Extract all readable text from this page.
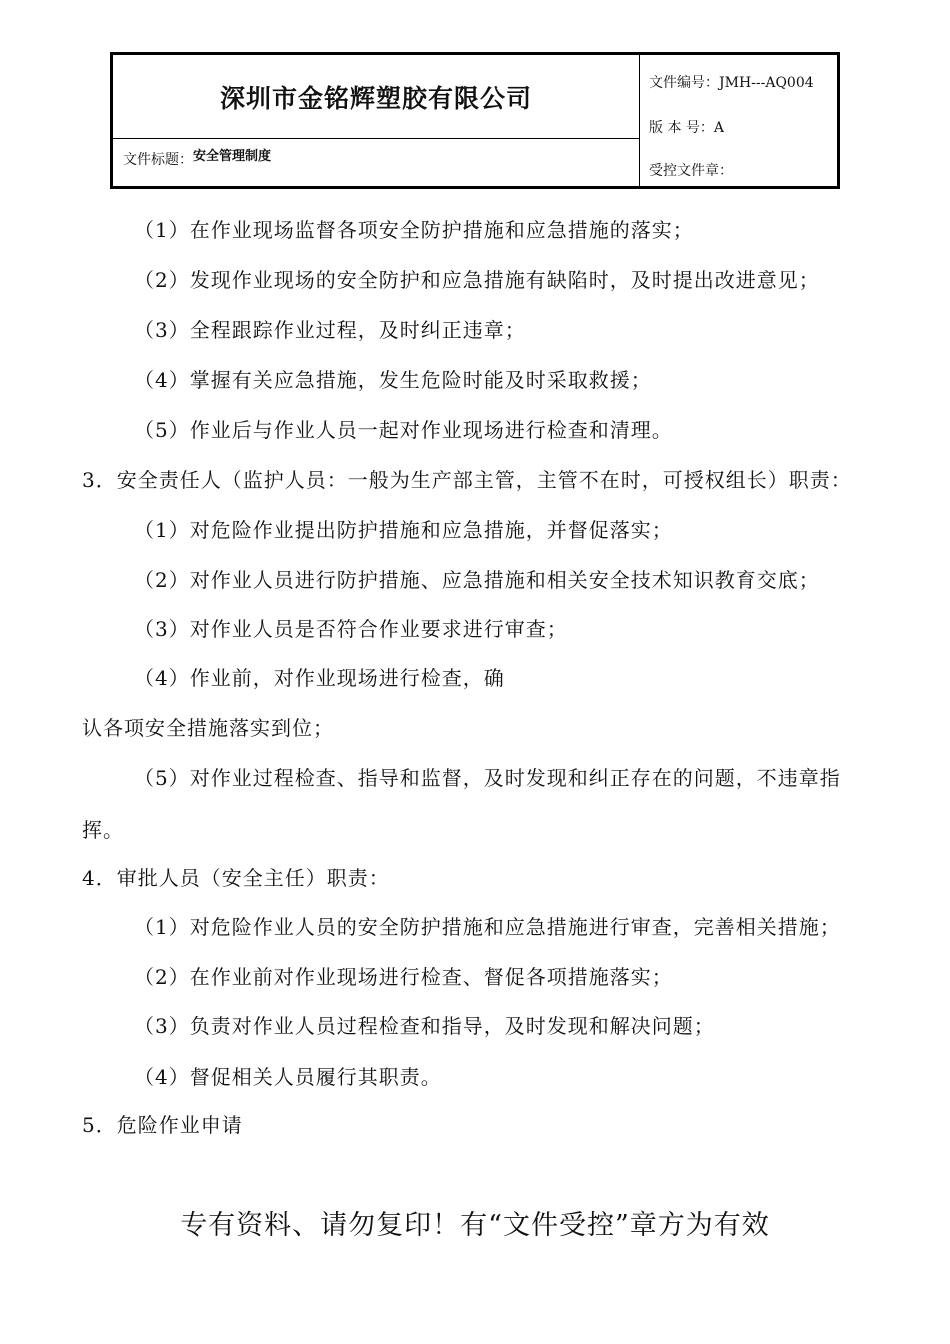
深圳市金铭辉塑胶有限公司
文件标题：安全管理制度
文件编号：JMH---AQ004
版 本 号：A
受控文件章：
（1）在作业现场监督各项安全防护措施和应急措施的落实；
（2）发现作业现场的安全防护和应急措施有缺陷时，及时提出改进意见；
（3）全程跟踪作业过程，及时纠正违章；
（4）掌握有关应急措施，发生危险时能及时采取救援；
（5）作业后与作业人员一起对作业现场进行检查和清理。
3．安全责任人（监护人员：一般为生产部主管，主管不在时，可授权组长）职责：
（1）对危险作业提出防护措施和应急措施，并督促落实；
（2）对作业人员进行防护措施、应急措施和相关安全技术知识教育交底；
（3）对作业人员是否符合作业要求进行审查；
（4）作业前，对作业现场进行检查，确
认各项安全措施落实到位；
（5）对作业过程检查、指导和监督，及时发现和纠正存在的问题，不违章指
挥。
4．审批人员（安全主任）职责：
（1）对危险作业人员的安全防护措施和应急措施进行审查，完善相关措施；
（2）在作业前对作业现场进行检查、督促各项措施落实；
（3）负责对作业人员过程检查和指导，及时发现和解决问题；
（4）督促相关人员履行其职责。
5．危险作业申请
专有资料、请勿复印！有“文件受控”章方为有效
